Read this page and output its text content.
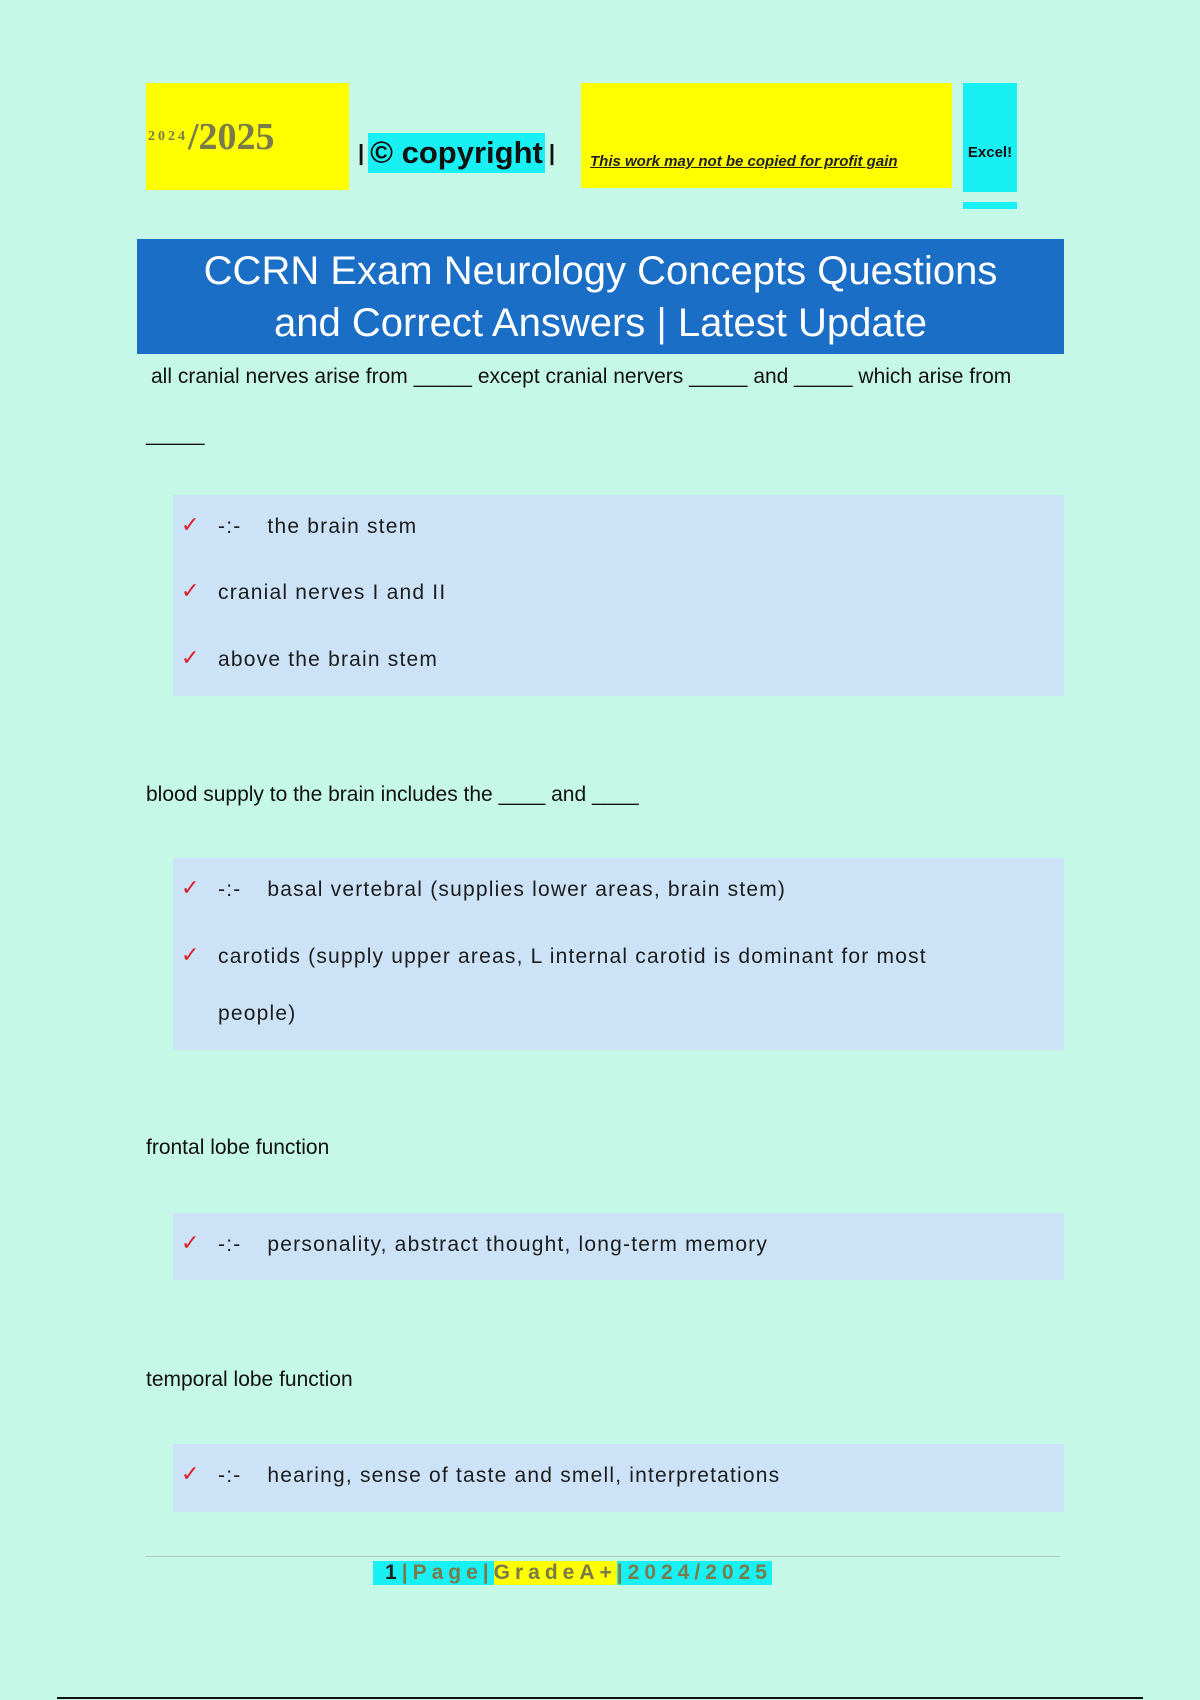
2024 /2025	| © copyright | This work may not be copied for profit gain
Excel!
CCRN Exam Neurology Concepts Questions
and Correct Answers | Latest Update
all cranial nerves arise from _____ except cranial nervers _____ and _____ which arise from
_____
✓ -:- the brain stem
✓ cranial nerves I and II
✓ above the brain stem
blood supply to the brain includes the ____ and ____
✓ -:- basal vertebral (supplies lower areas, brain stem)
✓ carotids (supply upper areas, L internal carotid is dominant for most
people)
frontal lobe function
✓ -:- personality, abstract thought, long-term memory
temporal lobe function
✓ -:- hearing, sense of taste and smell, interpretations
1 |Page| GradeA+ |2024/2025
